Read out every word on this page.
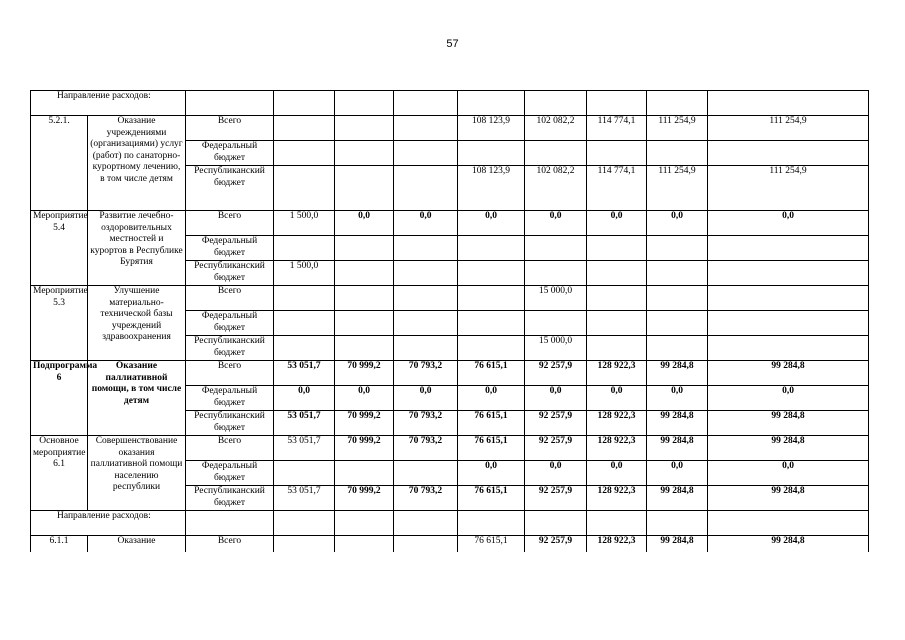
57
Направление расходов:										
5.2.1.	Оказание учреждениями (организациями) услуг (работ) по санаторно-курортному лечению, в том числе детям	Всего				108 123,9	102 082,2	114 774,1	111 254,9	111 254,9
		Федеральный бюджет								
		Республиканский бюджет				108 123,9	102 082,2	114 774,1	111 254,9	111 254,9
Мероприятие 5.4	Развитие лечебно-оздоровительных местностей и курортов в Республике Бурятия	Всего	1 500,0	0,0	0,0	0,0	0,0	0,0	0,0	0,0
		Федеральный бюджет								
		Республиканский бюджет	1 500,0							
Мероприятие 5.3	Улучшение материально-технической базы учреждений здравоохранения	Всего					15 000,0			
		Федеральный бюджет								
		Республиканский бюджет					15 000,0			
Подпрограмма 6	Оказание паллиативной помощи, в том числе детям	Всего	53 051,7	70 999,2	70 793,2	76 615,1	92 257,9	128 922,3	99 284,8	99 284,8
		Федеральный бюджет	0,0	0,0	0,0	0,0	0,0	0,0	0,0	0,0
		Республиканский бюджет	53 051,7	70 999,2	70 793,2	76 615,1	92 257,9	128 922,3	99 284,8	99 284,8
Основное мероприятие 6.1	Совершенствование оказания паллиативной помощи населению республики	Всего	53 051,7	70 999,2	70 793,2	76 615,1	92 257,9	128 922,3	99 284,8	99 284,8
		Федеральный бюджет				0,0	0,0	0,0	0,0	0,0
		Республиканский бюджет	53 051,7	70 999,2	70 793,2	76 615,1	92 257,9	128 922,3	99 284,8	99 284,8
Направление расходов:										
6.1.1	Оказание	Всего				76 615,1	92 257,9	128 922,3	99 284,8	99 284,8
